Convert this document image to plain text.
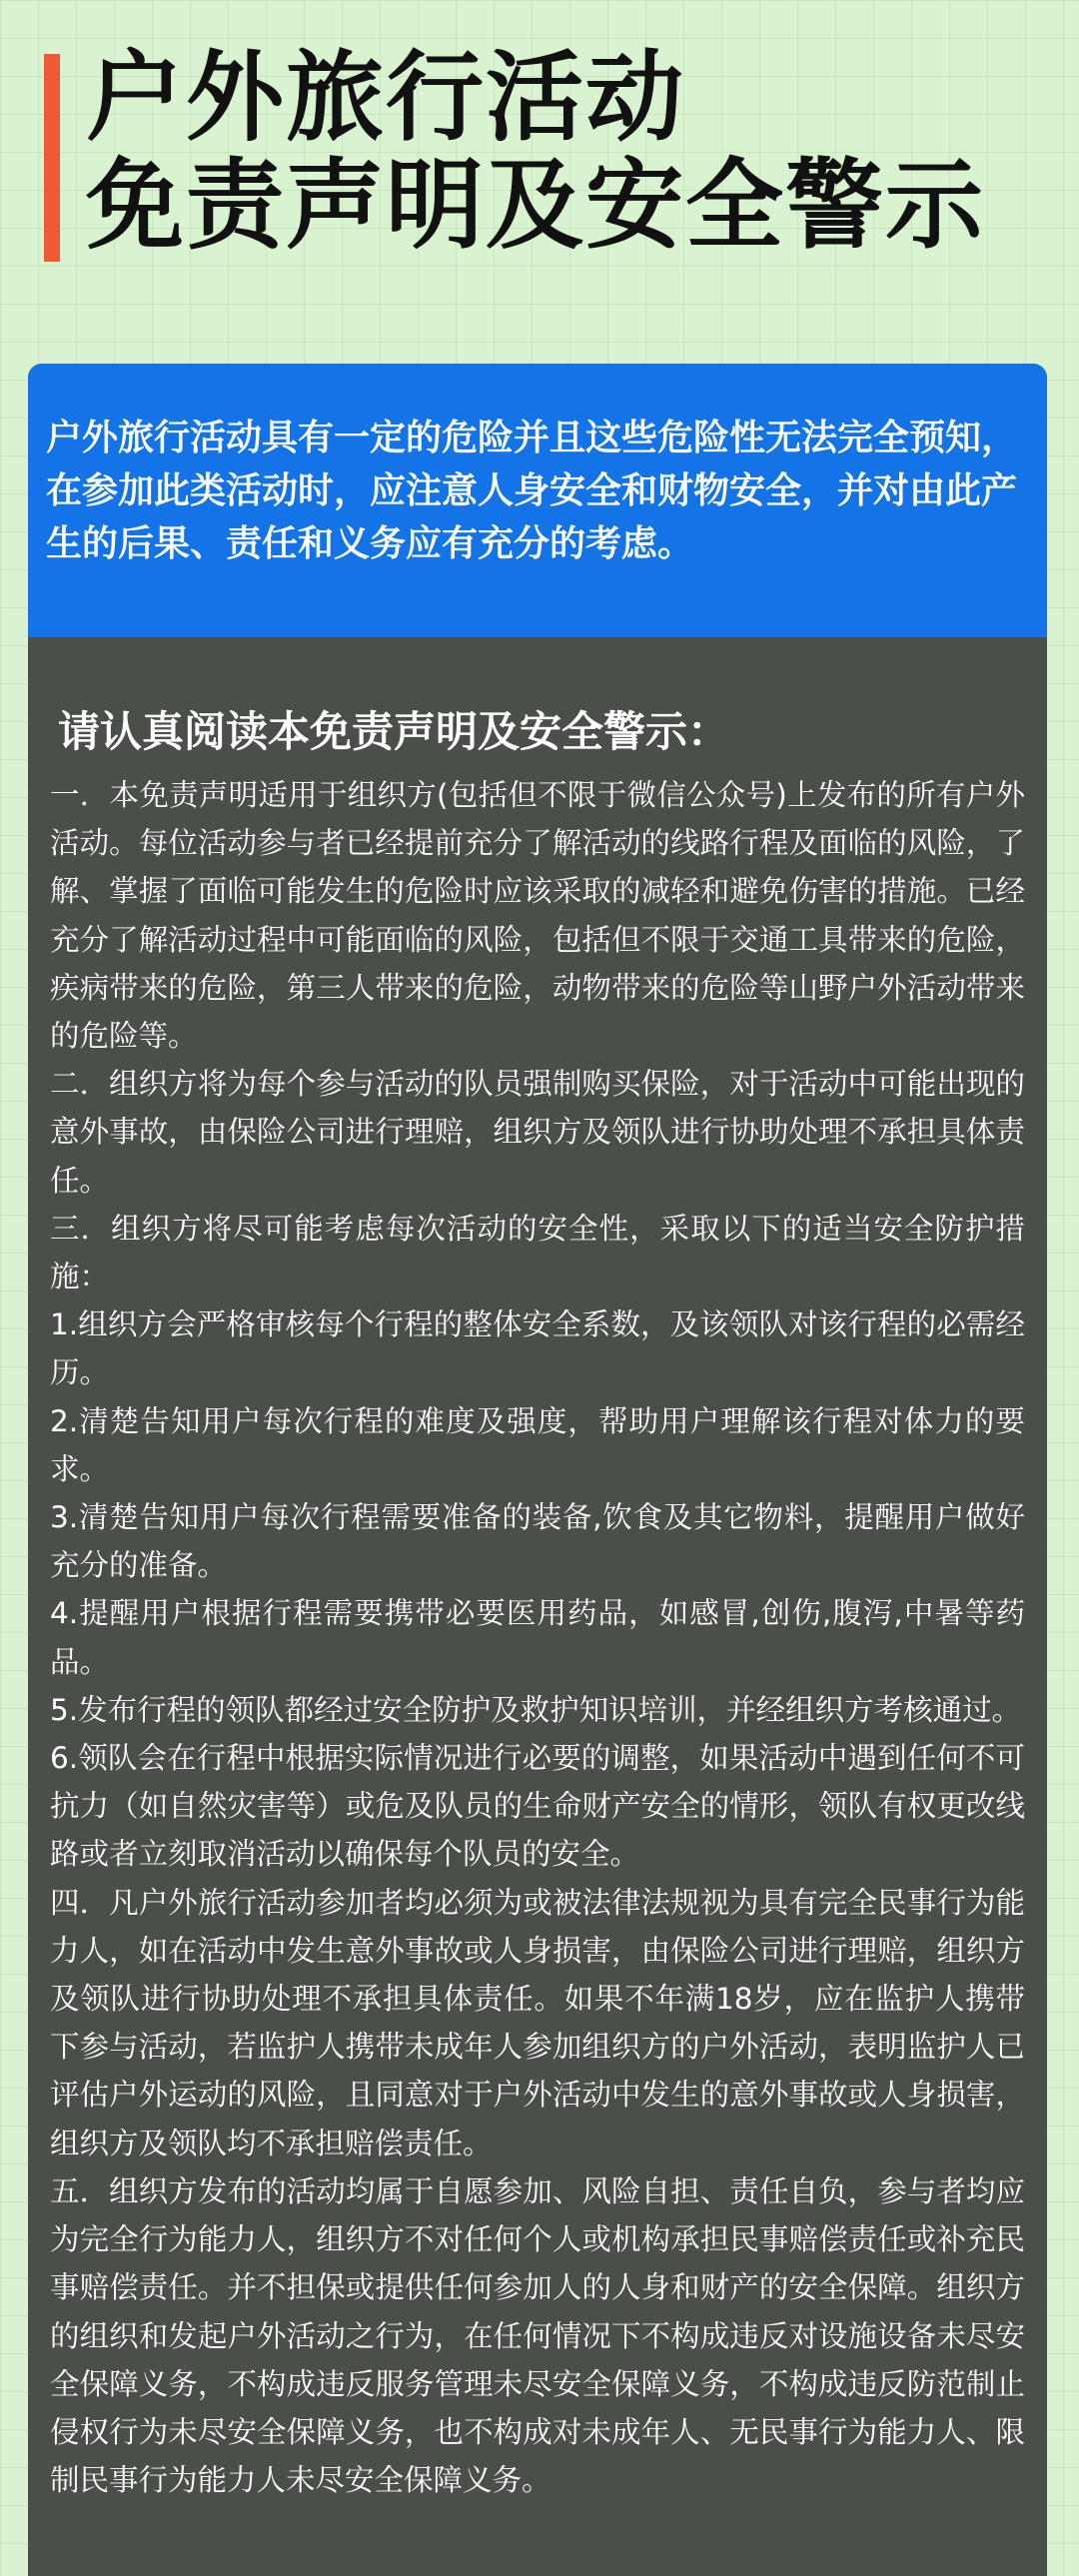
户外旅行活动
免责声明及安全警示
户外旅行活动具有一定的危险并且这些危险性无法完全预知，在参加此类活动时，应注意人身安全和财物安全，并对由此产生的后果、责任和义务应有充分的考虑。
请认真阅读本免责声明及安全警示：

一．本免责声明适用于组织方(包括但不限于微信公众号)上发布的所有户外活动。每位活动参与者已经提前充分了解活动的线路行程及面临的风险，了解、掌握了面临可能发生的危险时应该采取的减轻和避免伤害的措施。已经充分了解活动过程中可能面临的风险，包括但不限于交通工具带来的危险，疾病带来的危险，第三人带来的危险，动物带来的危险等山野户外活动带来的危险等。

二．组织方将为每个参与活动的队员强制购买保险，对于活动中可能出现的意外事故，由保险公司进行理赔，组织方及领队进行协助处理不承担具体责任。

三．组织方将尽可能考虑每次活动的安全性，采取以下的适当安全防护措施：

1.组织方会严格审核每个行程的整体安全系数，及该领队对该行程的必需经历。

2.清楚告知用户每次行程的难度及强度，帮助用户理解该行程对体力的要求。

3.清楚告知用户每次行程需要准备的装备,饮食及其它物料，提醒用户做好充分的准备。

4.提醒用户根据行程需要携带必要医用药品，如感冒,创伤,腹泻,中暑等药品。

5.发布行程的领队都经过安全防护及救护知识培训，并经组织方考核通过。

6.领队会在行程中根据实际情况进行必要的调整，如果活动中遇到任何不可抗力（如自然灾害等）或危及队员的生命财产安全的情形，领队有权更改线路或者立刻取消活动以确保每个队员的安全。

四．凡户外旅行活动参加者均必须为或被法律法规视为具有完全民事行为能力人，如在活动中发生意外事故或人身损害，由保险公司进行理赔，组织方及领队进行协助处理不承担具体责任。如果不年满18岁，应在监护人携带下参与活动，若监护人携带未成年人参加组织方的户外活动，表明监护人已评估户外运动的风险，且同意对于户外活动中发生的意外事故或人身损害，组织方及领队均不承担赔偿责任。

五．组织方发布的活动均属于自愿参加、风险自担、责任自负，参与者均应为完全行为能力人，组织方不对任何个人或机构承担民事赔偿责任或补充民事赔偿责任。并不担保或提供任何参加人的人身和财产的安全保障。组织方的组织和发起户外活动之行为，在任何情况下不构成违反对设施设备未尽安全保障义务，不构成违反服务管理未尽安全保障义务，不构成违反防范制止侵权行为未尽安全保障义务，也不构成对未成年人、无民事行为能力人、限制民事行为能力人未尽安全保障义务。
